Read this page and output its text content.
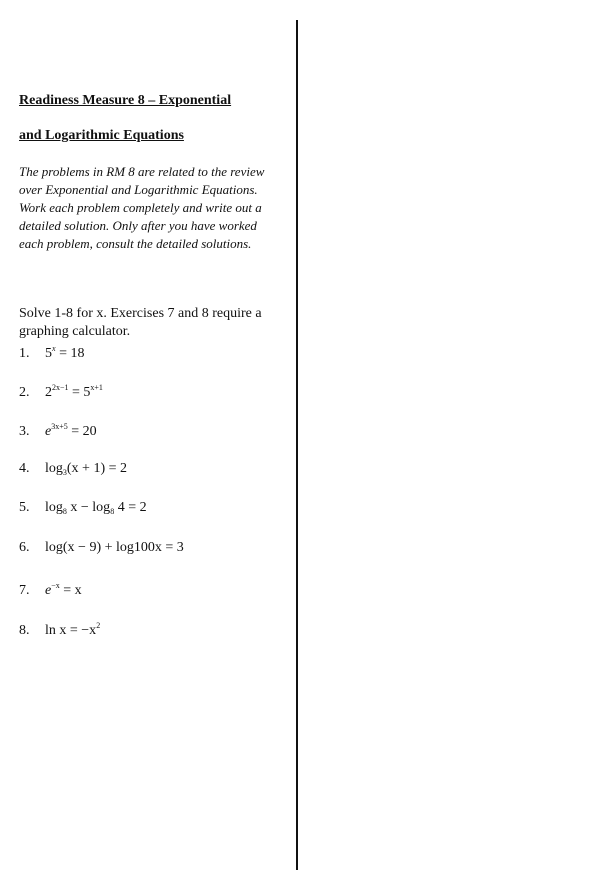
Readiness Measure 8 – Exponential
and Logarithmic Equations
The problems in RM 8 are related to the review over Exponential and Logarithmic Equations. Work each problem completely and write out a detailed solution. Only after you have worked each problem, consult the detailed solutions.
Solve 1-8 for x. Exercises 7 and 8 require a graphing calculator.
1. $5^x = 18$
2. $2^{2x-1} = 5^{x+1}$
3. $e^{3x+5} = 20$
4. $\log_3(x + 1) = 2$
5. $\log_8 x - \log_8 4 = 2$
6. log(x − 9) + log100x = 3
7. $e^{-x} = x$
8. $\ln x = -x^2$
